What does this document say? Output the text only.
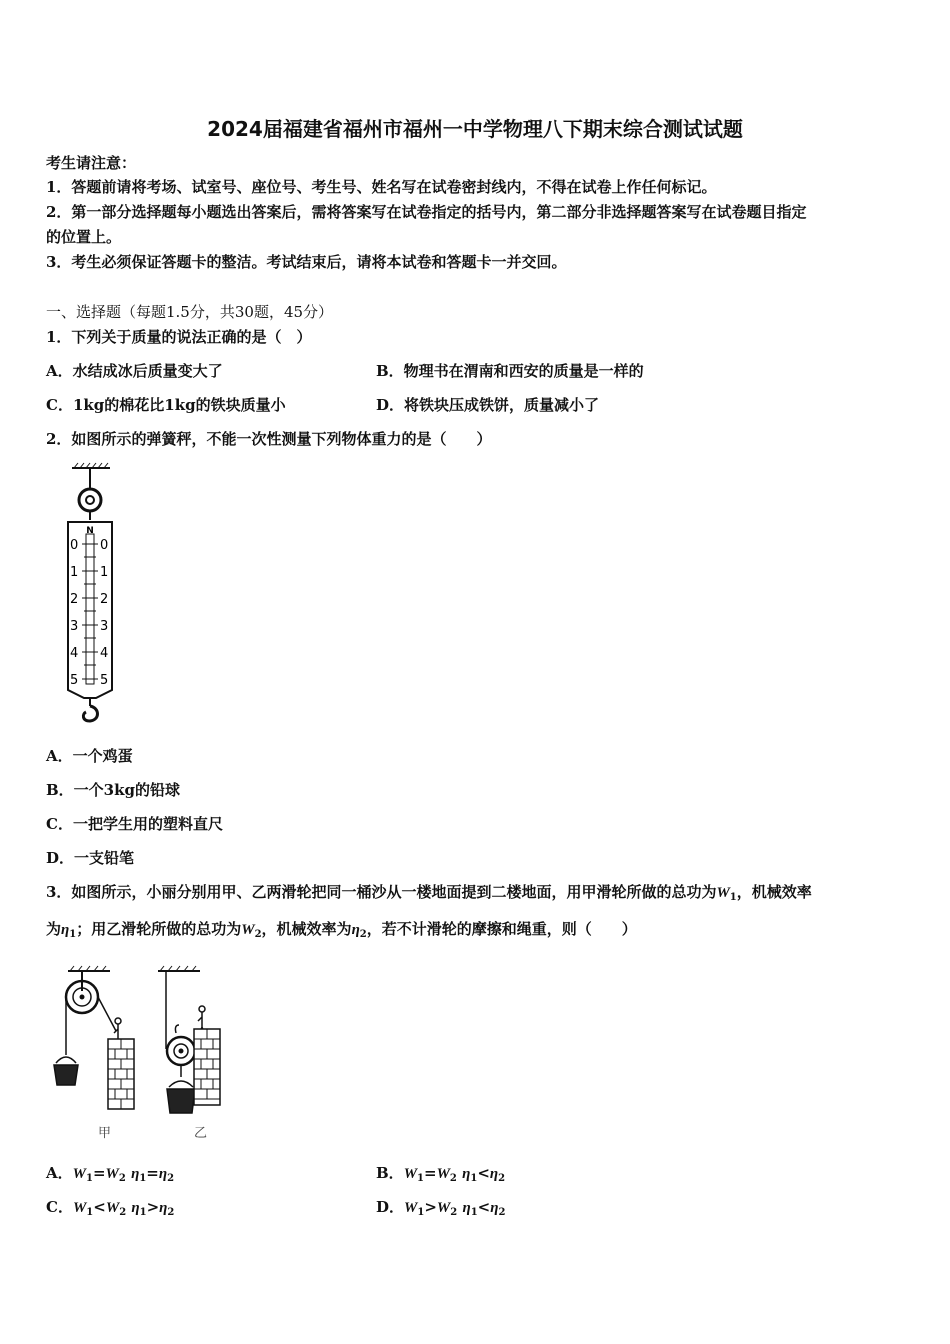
2024届福建省福州市福州一中学物理八下期末综合测试试题
考生请注意：
1．答题前请将考场、试室号、座位号、考生号、姓名写在试卷密封线内，不得在试卷上作任何标记。
2．第一部分选择题每小题选出答案后，需将答案写在试卷指定的括号内，第二部分非选择题答案写在试卷题目指定
的位置上。
3．考生必须保证答题卡的整洁。考试结束后，请将本试卷和答题卡一并交回。
一、选择题（每题1.5分，共30题，45分）
1．下列关于质量的说法正确的是（　）
A．水结成冰后质量变大了	B．物理书在渭南和西安的质量是一样的
C．1kg的棉花比1kg的铁块质量小	D．将铁块压成铁饼，质量减小了
2．如图所示的弹簧秤，不能一次性测量下列物体重力的是（　　）
N
0 0
1 1
2 2
3 3
4 4
5 5
A．一个鸡蛋
B．一个3kg的铅球
C．一把学生用的塑料直尺
D．一支铅笔
3．如图所示，小丽分别用甲、乙两滑轮把同一桶沙从一楼地面提到二楼地面，用甲滑轮所做的总功为$W_1$，机械效率
为$\eta_1$；用乙滑轮所做的总功为$W_2$，机械效率为$\eta_2$，若不计滑轮的摩擦和绳重，则（　　）
甲	乙
A．$W_1=W_2$ $\eta_1=\eta_2$	B．$W_1=W_2$ $\eta_1<\eta_2$
C．$W_1<W_2$ $\eta_1>\eta_2$	D．$W_1>W_2$ $\eta_1<\eta_2$
